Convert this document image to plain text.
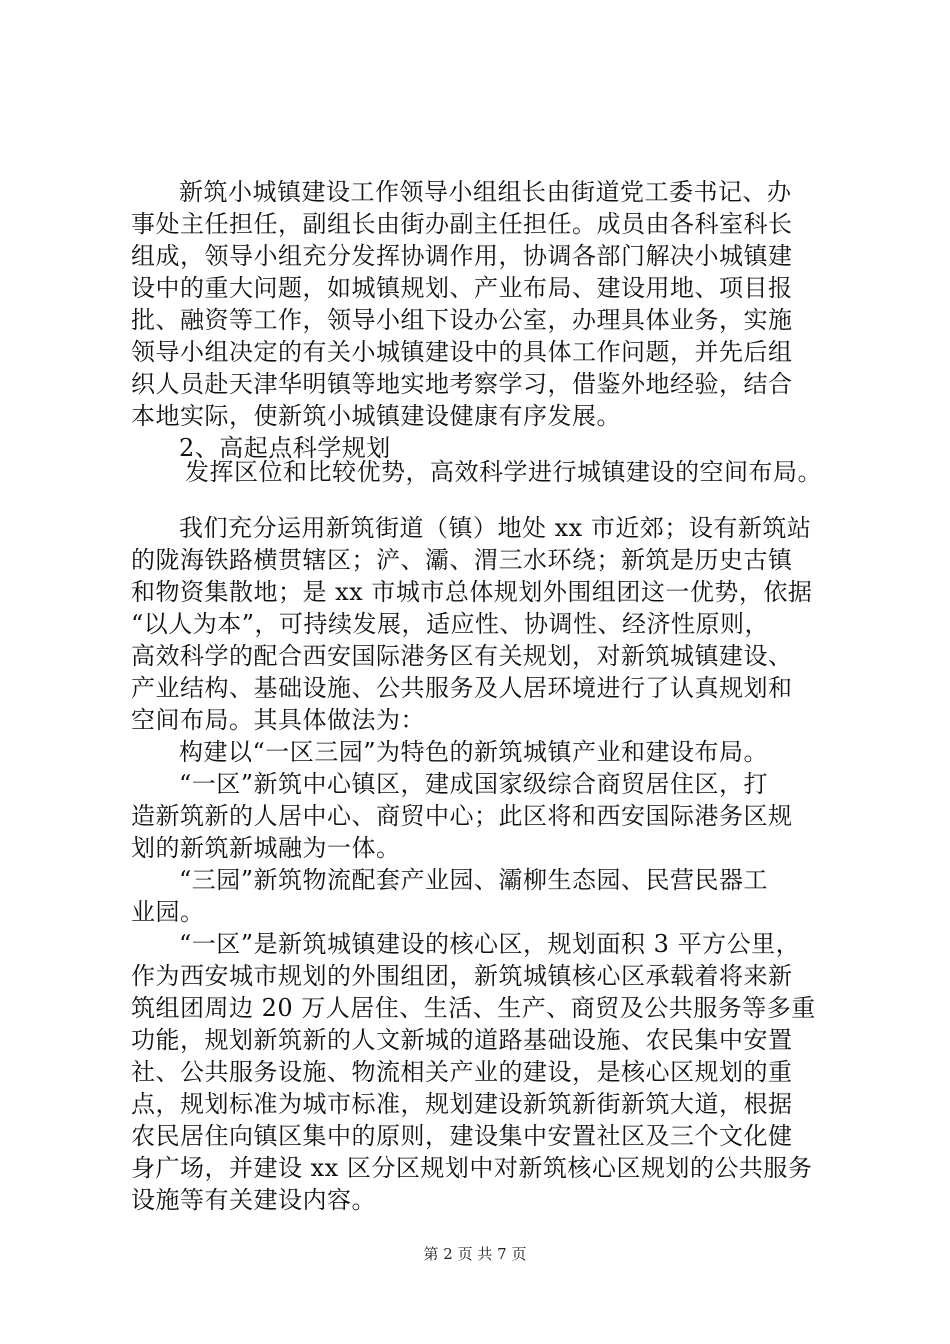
新筑小城镇建设工作领导小组组长由街道党工委书记、办
事处主任担任，副组长由街办副主任担任。成员由各科室科长
组成，领导小组充分发挥协调作用，协调各部门解决小城镇建
设中的重大问题，如城镇规划、产业布局、建设用地、项目报
批、融资等工作，领导小组下设办公室，办理具体业务，实施
领导小组决定的有关小城镇建设中的具体工作问题，并先后组
织人员赴天津华明镇等地实地考察学习，借鉴外地经验，结合
本地实际，使新筑小城镇建设健康有序发展。
2、高起点科学规划
发挥区位和比较优势，高效科学进行城镇建设的空间布局。
我们充分运用新筑街道（镇）地处 xx 市近郊；设有新筑站
的陇海铁路横贯辖区；浐、灞、渭三水环绕；新筑是历史古镇
和物资集散地；是 xx 市城市总体规划外围组团这一优势，依据
“以人为本”，可持续发展，适应性、协调性、经济性原则，
高效科学的配合西安国际港务区有关规划，对新筑城镇建设、
产业结构、基础设施、公共服务及人居环境进行了认真规划和
空间布局。其具体做法为：
构建以“一区三园”为特色的新筑城镇产业和建设布局。
“一区”新筑中心镇区，建成国家级综合商贸居住区，打
造新筑新的人居中心、商贸中心；此区将和西安国际港务区规
划的新筑新城融为一体。
“三园”新筑物流配套产业园、灞柳生态园、民营民器工
业园。
“一区”是新筑城镇建设的核心区，规划面积 3 平方公里，
作为西安城市规划的外围组团，新筑城镇核心区承载着将来新
筑组团周边 20 万人居住、生活、生产、商贸及公共服务等多重
功能，规划新筑新的人文新城的道路基础设施、农民集中安置
社、公共服务设施、物流相关产业的建设，是核心区规划的重
点，规划标准为城市标准，规划建设新筑新街新筑大道，根据
农民居住向镇区集中的原则，建设集中安置社区及三个文化健
身广场，并建设 xx 区分区规划中对新筑核心区规划的公共服务
设施等有关建设内容。
第 2 页 共 7 页
